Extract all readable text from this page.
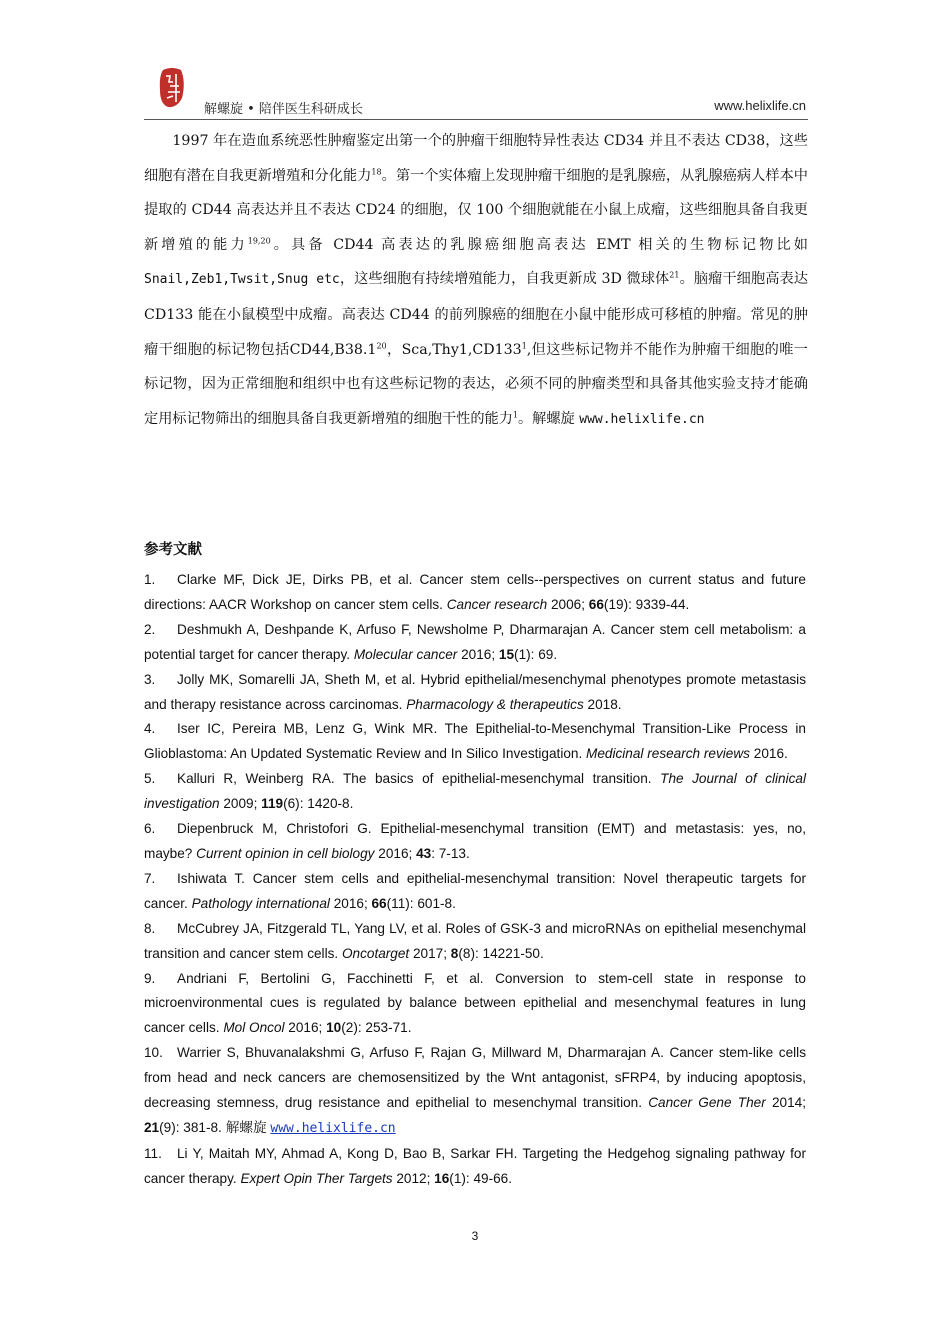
解螺旋 • 陪伴医生科研成长	www.helixlife.cn

1997 年在造血系统恶性肿瘤鉴定出第一个的肿瘤干细胞特异性表达 CD34 并且不表达 CD38，这些细胞有潜在自我更新增殖和分化能力$^{18}$。第一个实体瘤上发现肿瘤干细胞的是乳腺癌，从乳腺癌病人样本中提取的 CD44 高表达并且不表达 CD24 的细胞，仅 100 个细胞就能在小鼠上成瘤，这些细胞具备自我更新增殖的能力$^{19,20}$。具备 CD44 高表达的乳腺癌细胞高表达 EMT 相关的生物标记物比如 Snail,Zeb1,Twsit,Snug etc，这些细胞有持续增殖能力，自我更新成 3D 微球体$^{21}$。脑瘤干细胞高表达 CD133 能在小鼠模型中成瘤。高表达 CD44 的前列腺癌的细胞在小鼠中能形成可移植的肿瘤。常见的肿瘤干细胞的标记物包括CD44,B38.1$^{20}$，$Sca,Thy1,CD133^1$,但这些标记物并不能作为肿瘤干细胞的唯一标记物，因为正常细胞和组织中也有这些标记物的表达，必须不同的肿瘤类型和具备其他实验支持才能确定用标记物筛出的细胞具备自我更新增殖的细胞干性的能力$^1$。解螺旋 www.helixlife.cn

参考文献
1. Clarke MF, Dick JE, Dirks PB, et al. Cancer stem cells--perspectives on current status and future directions: AACR Workshop on cancer stem cells. Cancer research 2006; 66(19): 9339-44.
2. Deshmukh A, Deshpande K, Arfuso F, Newsholme P, Dharmarajan A. Cancer stem cell metabolism: a potential target for cancer therapy. Molecular cancer 2016; 15(1): 69.
3. Jolly MK, Somarelli JA, Sheth M, et al. Hybrid epithelial/mesenchymal phenotypes promote metastasis and therapy resistance across carcinomas. Pharmacology & therapeutics 2018.
4. Iser IC, Pereira MB, Lenz G, Wink MR. The Epithelial-to-Mesenchymal Transition-Like Process in Glioblastoma: An Updated Systematic Review and In Silico Investigation. Medicinal research reviews 2016.
5. Kalluri R, Weinberg RA. The basics of epithelial-mesenchymal transition. The Journal of clinical investigation 2009; 119(6): 1420-8.
6. Diepenbruck M, Christofori G. Epithelial-mesenchymal transition (EMT) and metastasis: yes, no, maybe? Current opinion in cell biology 2016; 43: 7-13.
7. Ishiwata T. Cancer stem cells and epithelial-mesenchymal transition: Novel therapeutic targets for cancer. Pathology international 2016; 66(11): 601-8.
8. McCubrey JA, Fitzgerald TL, Yang LV, et al. Roles of GSK-3 and microRNAs on epithelial mesenchymal transition and cancer stem cells. Oncotarget 2017; 8(8): 14221-50.
9. Andriani F, Bertolini G, Facchinetti F, et al. Conversion to stem-cell state in response to microenvironmental cues is regulated by balance between epithelial and mesenchymal features in lung cancer cells. Mol Oncol 2016; 10(2): 253-71.
10. Warrier S, Bhuvanalakshmi G, Arfuso F, Rajan G, Millward M, Dharmarajan A. Cancer stem-like cells from head and neck cancers are chemosensitized by the Wnt antagonist, sFRP4, by inducing apoptosis, decreasing stemness, drug resistance and epithelial to mesenchymal transition. Cancer Gene Ther 2014; 21(9): 381-8. 解螺旋 www.helixlife.cn
11. Li Y, Maitah MY, Ahmad A, Kong D, Bao B, Sarkar FH. Targeting the Hedgehog signaling pathway for cancer therapy. Expert Opin Ther Targets 2012; 16(1): 49-66.
3
